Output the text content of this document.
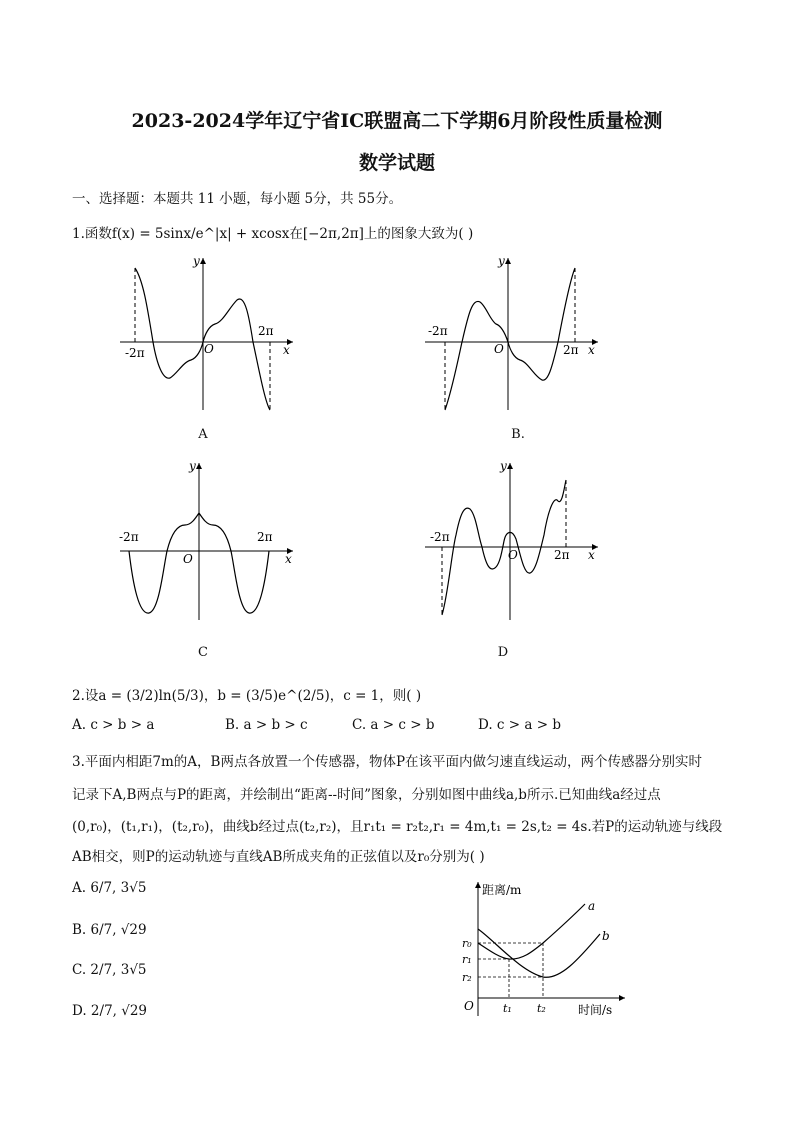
2023-2024学年辽宁省IC联盟高二下学期6月阶段性质量检测
数学试题
一、选择题：本题共 11 小题，每小题 5分，共 55分。
1.函数f(x) = 5sinx/e^|x| + xcosx在[−2π,2π]上的图象大致为( )
y
x
O
-2π
2π
A
y
x
O
-2π
2π
B.
y
x
O
-2π	2π
C
y
x
O
-2π
2π
D
2.设a = (3/2)ln(5/3)，b = (3/5)e^(2/5)，c = 1，则( )
A. c > b > a	B. a > b > c	C. a > c > b	D. c > a > b
3.平面内相距7m的A，B两点各放置一个传感器，物体P在该平面内做匀速直线运动，两个传感器分别实时
记录下A,B两点与P的距离，并绘制出“距离--时间”图象，分别如图中曲线a,b所示.已知曲线a经过点
(0,r₀)，(t₁,r₁)，(t₂,r₀)，曲线b经过点(t₂,r₂)，且r₁t₁ = r₂t₂,r₁ = 4m,t₁ = 2s,t₂ = 4s.若P的运动轨迹与线段
AB相交，则P的运动轨迹与直线AB所成夹角的正弦值以及r₀分别为( )
A. 6/7, 3√5
B. 6/7, √29
C. 2/7, 3√5
D. 2/7, √29
距离/m
时间/s
O
a
b
r₀
r₁
r₂
t₁ t₂
